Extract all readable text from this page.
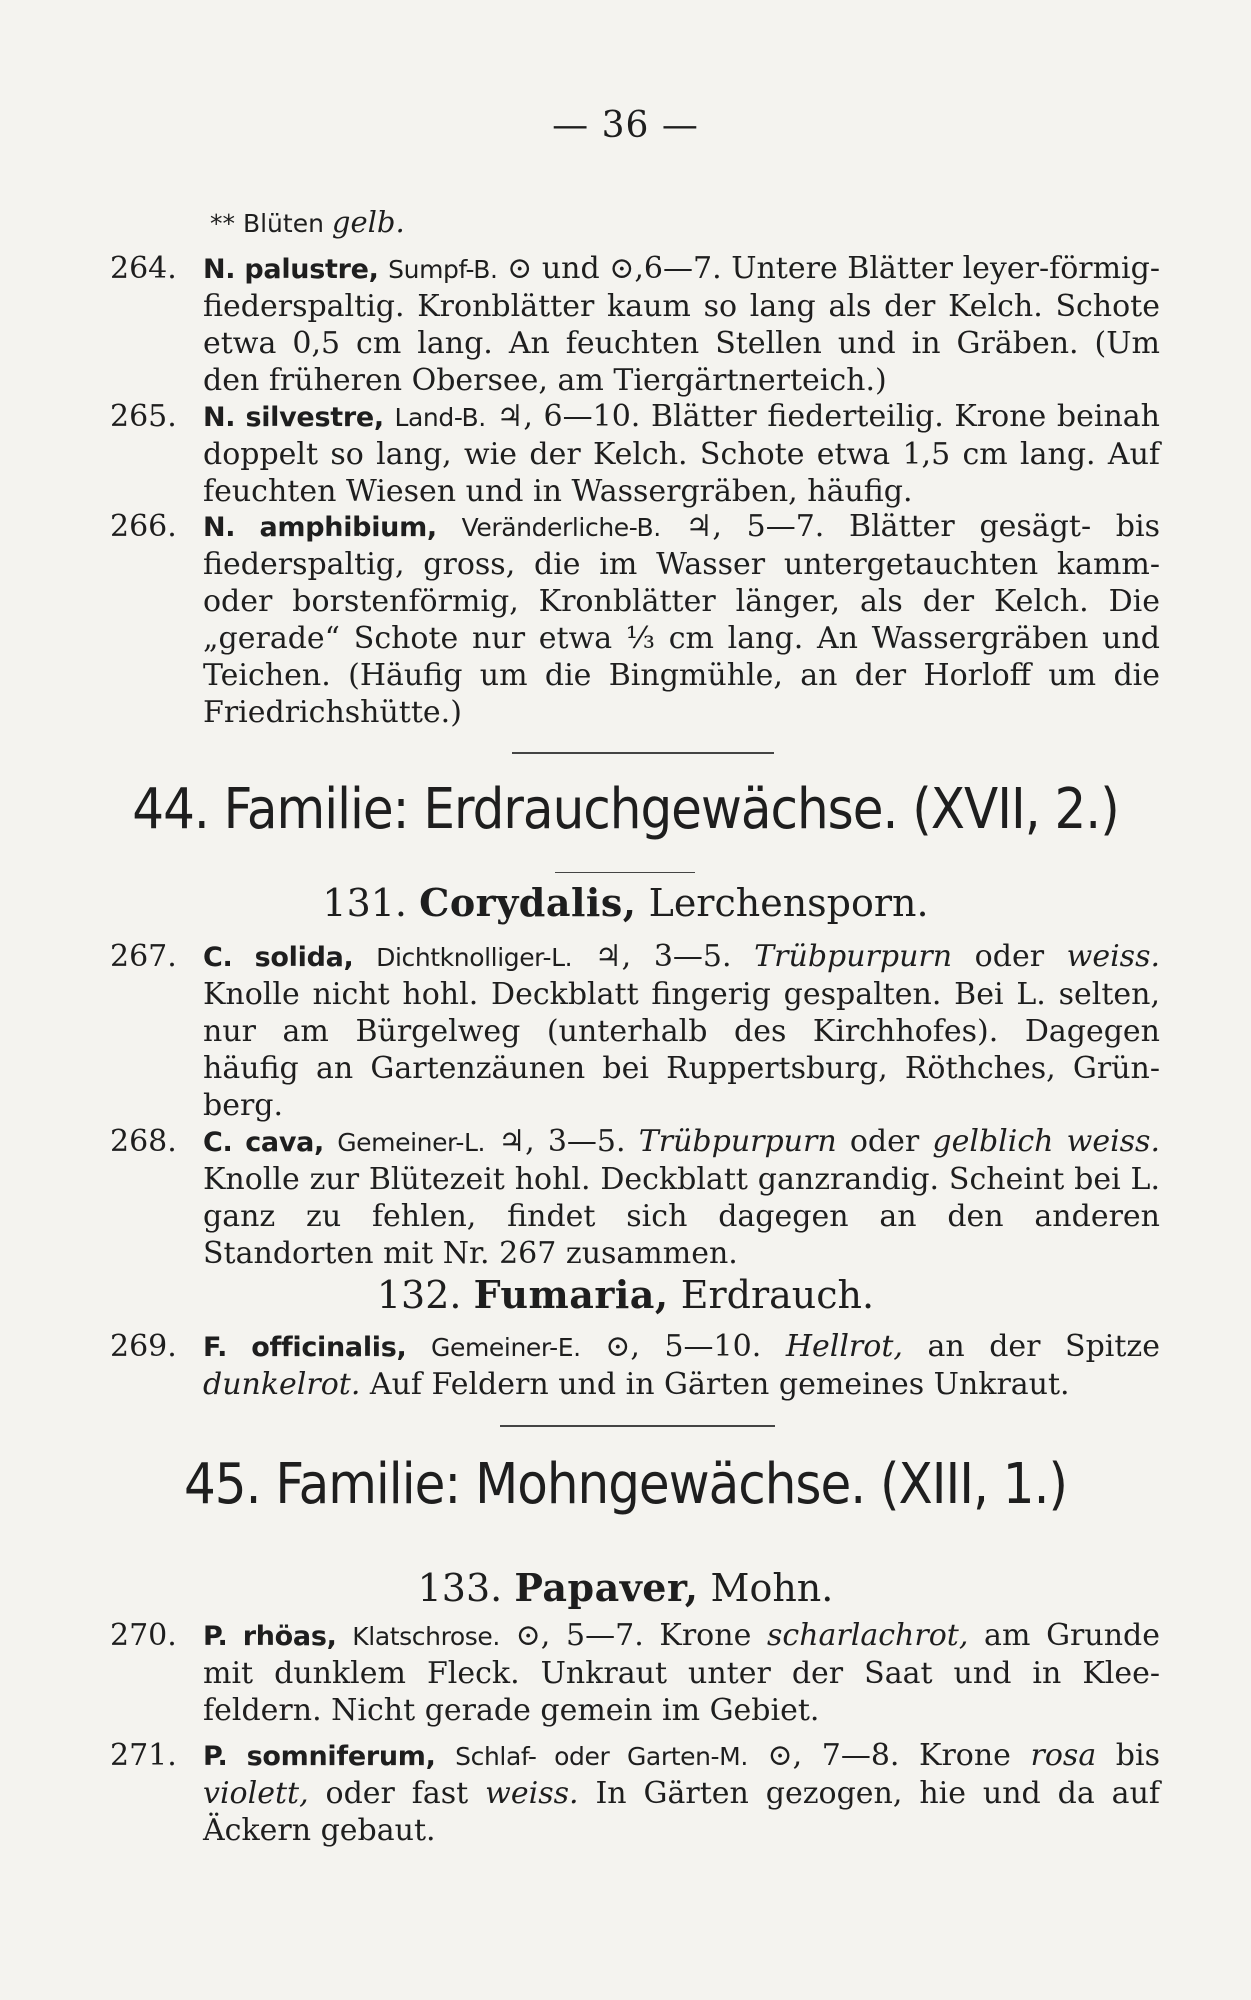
— 36 —
** Blüten gelb.
264. N. palustre, Sumpf-B. ⊙ und ⊙,6—7. Untere Blätter leyer-förmig-fiederspaltig. Kronblätter kaum so lang als der Kelch. Schote etwa 0,5 cm lang. An feuchten Stellen und in Gräben. (Um den früheren Obersee, am Tiergärtnerteich.)
265. N. silvestre, Land-B. ♃, 6—10. Blätter fiederteilig. Krone beinah doppelt so lang, wie der Kelch. Schote etwa 1,5 cm lang. Auf feuchten Wiesen und in Wassergräben, häufig.
266. N. amphibium, Veränderliche-B. ♃, 5—7. Blätter gesägt- bis fiederspaltig, gross, die im Wasser untergetauchten kamm-oder borstenförmig, Kronblätter länger, als der Kelch. Die „gerade“ Schote nur etwa ⅓ cm lang. An Wassergräben und Teichen. (Häufig um die Bingmühle, an der Horloff um die Friedrichshütte.)
44. Familie: Erdrauchgewächse. (XVII, 2.)
131. Corydalis, Lerchensporn.
267. C. solida, Dichtknolliger-L. ♃, 3—5. Trübpurpurn oder weiss. Knolle nicht hohl. Deckblatt fingerig gespalten. Bei L. selten, nur am Bürgelweg (unterhalb des Kirchhofes). Dagegen häufig an Gartenzäunen bei Ruppertsburg, Röthches, Grün-berg.
268. C. cava, Gemeiner-L. ♃, 3—5. Trübpurpurn oder gelblich weiss. Knolle zur Blütezeit hohl. Deckblatt ganzrandig. Scheint bei L. ganz zu fehlen, findet sich dagegen an den anderen Standorten mit Nr. 267 zusammen.
132. Fumaria, Erdrauch.
269. F. officinalis, Gemeiner-E. ⊙, 5—10. Hellrot, an der Spitze dunkelrot. Auf Feldern und in Gärten gemeines Unkraut.
45. Familie: Mohngewächse. (XIII, 1.)
133. Papaver, Mohn.
270. P. rhöas, Klatschrose. ⊙, 5—7. Krone scharlachrot, am Grunde mit dunklem Fleck. Unkraut unter der Saat und in Klee-feldern. Nicht gerade gemein im Gebiet.
271. P. somniferum, Schlaf- oder Garten-M. ⊙, 7—8. Krone rosa bis violett, oder fast weiss. In Gärten gezogen, hie und da auf Äckern gebaut.
